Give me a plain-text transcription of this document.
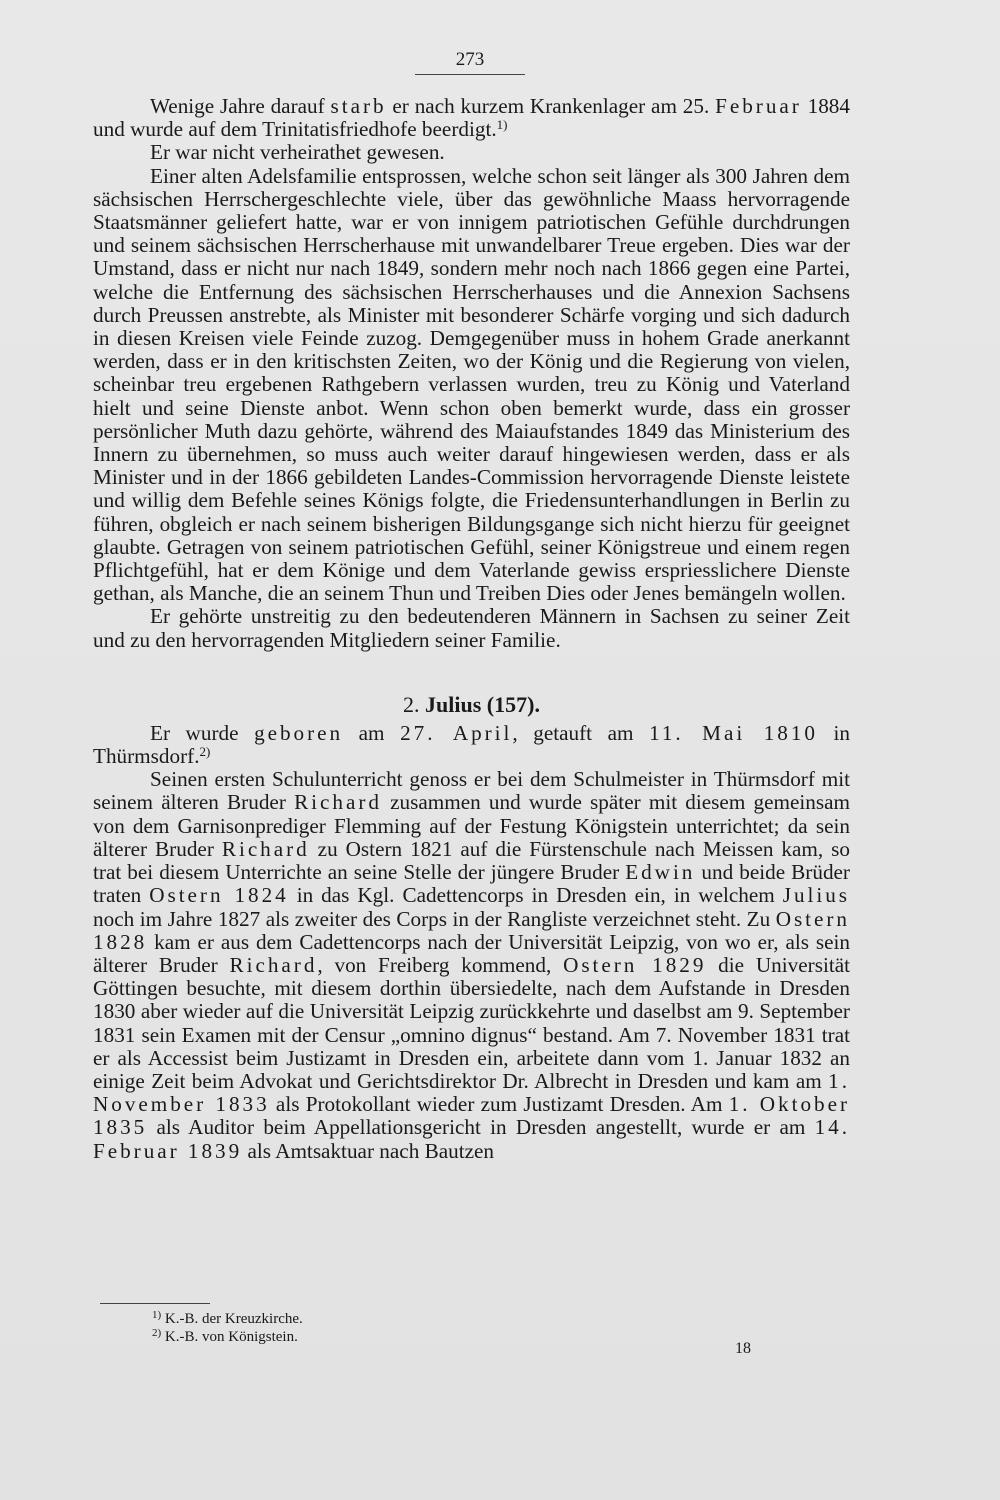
273

Wenige Jahre darauf starb er nach kurzem Krankenlager am 25. Februar 1884 und wurde auf dem Trinitatisfriedhofe beerdigt.$^{1)}$

Er war nicht verheirathet gewesen.

Einer alten Adelsfamilie entsprossen, welche schon seit länger als 300 Jahren dem sächsischen Herrschergeschlechte viele, über das gewöhnliche Maass hervorragende Staatsmänner geliefert hatte, war er von innigem patriotischen Gefühle durchdrungen und seinem sächsischen Herrscherhause mit unwandelbarer Treue ergeben. Dies war der Umstand, dass er nicht nur nach 1849, sondern mehr noch nach 1866 gegen eine Partei, welche die Entfernung des sächsischen Herrscherhauses und die Annexion Sachsens durch Preussen anstrebte, als Minister mit besonderer Schärfe vorging und sich dadurch in diesen Kreisen viele Feinde zuzog. Demgegenüber muss in hohem Grade anerkannt werden, dass er in den kritischsten Zeiten, wo der König und die Regierung von vielen, scheinbar treu ergebenen Rathgebern verlassen wurden, treu zu König und Vaterland hielt und seine Dienste anbot. Wenn schon oben bemerkt wurde, dass ein grosser persönlicher Muth dazu gehörte, während des Maiaufstandes 1849 das Ministerium des Innern zu übernehmen, so muss auch weiter darauf hingewiesen werden, dass er als Minister und in der 1866 gebildeten Landes-Commission hervorragende Dienste leistete und willig dem Befehle seines Königs folgte, die Friedensunterhandlungen in Berlin zu führen, obgleich er nach seinem bisherigen Bildungsgange sich nicht hierzu für geeignet glaubte. Getragen von seinem patriotischen Gefühl, seiner Königstreue und einem regen Pflichtgefühl, hat er dem Könige und dem Vaterlande gewiss erspriesslichere Dienste gethan, als Manche, die an seinem Thun und Treiben Dies oder Jenes bemängeln wollen.

Er gehörte unstreitig zu den bedeutenderen Männern in Sachsen zu seiner Zeit und zu den hervorragenden Mitgliedern seiner Familie.

2. Julius (157).

Er wurde geboren am 27. April, getauft am 11. Mai 1810 in Thürmsdorf.$^{2)}$

Seinen ersten Schulunterricht genoss er bei dem Schulmeister in Thürmsdorf mit seinem älteren Bruder Richard zusammen und wurde später mit diesem gemeinsam von dem Garnisonprediger Flemming auf der Festung Königstein unterrichtet; da sein älterer Bruder Richard zu Ostern 1821 auf die Fürstenschule nach Meissen kam, so trat bei diesem Unterrichte an seine Stelle der jüngere Bruder Edwin und beide Brüder traten Ostern 1824 in das Kgl. Cadettencorps in Dresden ein, in welchem Julius noch im Jahre 1827 als zweiter des Corps in der Rangliste verzeichnet steht. Zu Ostern 1828 kam er aus dem Cadettencorps nach der Universität Leipzig, von wo er, als sein älterer Bruder Richard, von Freiberg kommend, Ostern 1829 die Universität Göttingen besuchte, mit diesem dorthin übersiedelte, nach dem Aufstande in Dresden 1830 aber wieder auf die Universität Leipzig zurückkehrte und daselbst am 9. September 1831 sein Examen mit der Censur „omnino dignus“ bestand. Am 7. November 1831 trat er als Accessist beim Justizamt in Dresden ein, arbeitete dann vom 1. Januar 1832 an einige Zeit beim Advokat und Gerichtsdirektor Dr. Albrecht in Dresden und kam am 1. November 1833 als Protokollant wieder zum Justizamt Dresden. Am 1. Oktober 1835 als Auditor beim Appellationsgericht in Dresden angestellt, wurde er am 14. Februar 1839 als Amtsaktuar nach Bautzen

$^{1)}$ K.-B. der Kreuzkirche.
$^{2)}$ K.-B. von Königstein.
18
